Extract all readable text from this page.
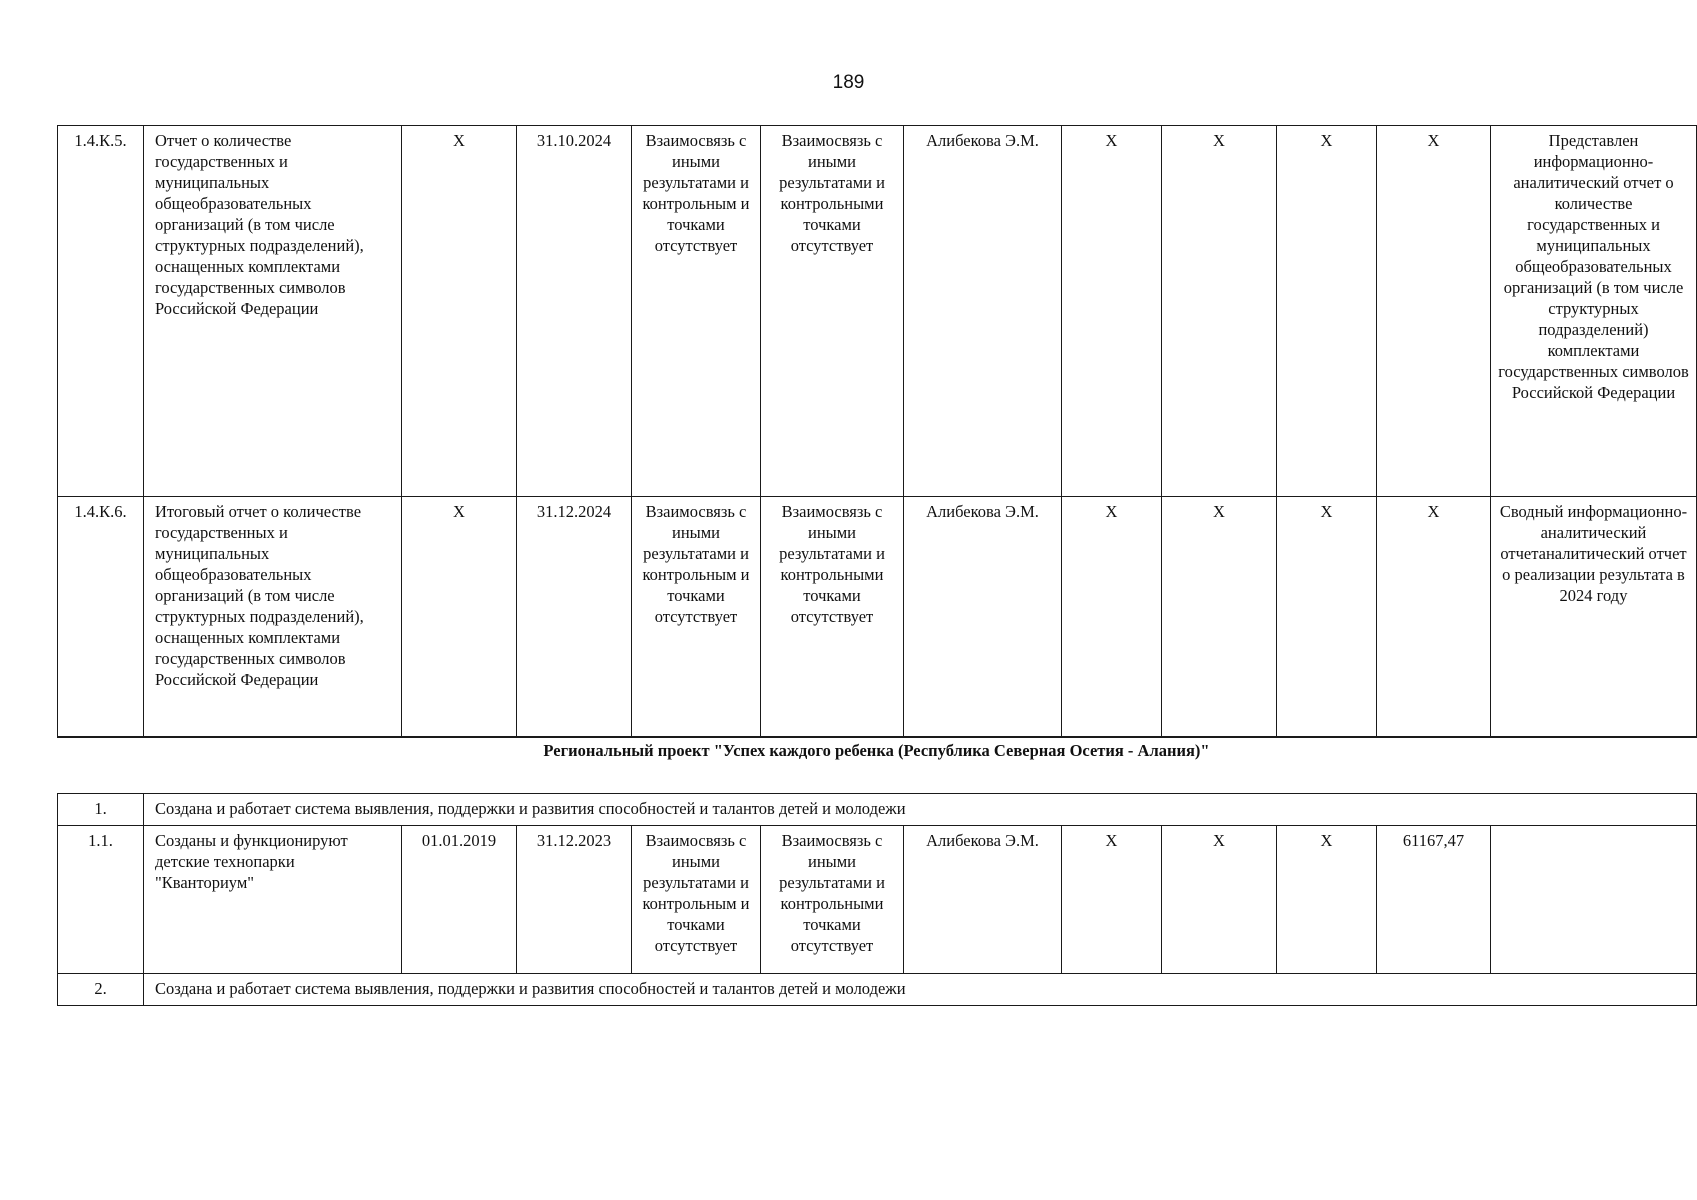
189
1.4.К.5.	Отчет о количестве государственных и муниципальных общеобразовательных организаций (в том числе структурных подразделений), оснащенных комплектами государственных символов Российской Федерации	X	31.10.2024	Взаимосвязь с иными результатами и контрольным и точками отсутствует	Взаимосвязь с иными результатами и контрольными точками отсутствует	Алибекова Э.М.	X	X	X	X	Представлен информационно-аналитический отчет о количестве государственных и муниципальных общеобразовательных организаций (в том числе структурных подразделений) комплектами государственных символов Российской Федерации
1.4.К.6.	Итоговый отчет о количестве государственных и муниципальных общеобразовательных организаций (в том числе структурных подразделений), оснащенных комплектами государственных символов Российской Федерации	X	31.12.2024	Взаимосвязь с иными результатами и контрольным и точками отсутствует	Взаимосвязь с иными результатами и контрольными точками отсутствует	Алибекова Э.М.	X	X	X	X	Сводный информационно-аналитический отчетаналитический отчет о реализации результата в 2024 году
Региональный проект "Успех каждого ребенка (Республика Северная Осетия - Алания)"
1.	Создана и работает система выявления, поддержки и развития способностей и талантов детей и молодежи										
1.1.	Созданы и функционируют детские технопарки "Кванториум"	01.01.2019	31.12.2023	Взаимосвязь с иными результатами и контрольным и точками отсутствует	Взаимосвязь с иными результатами и контрольными точками отсутствует	Алибекова Э.М.	X	X	X	61167,47	
2.	Создана и работает система выявления, поддержки и развития способностей и талантов детей и молодежи										
